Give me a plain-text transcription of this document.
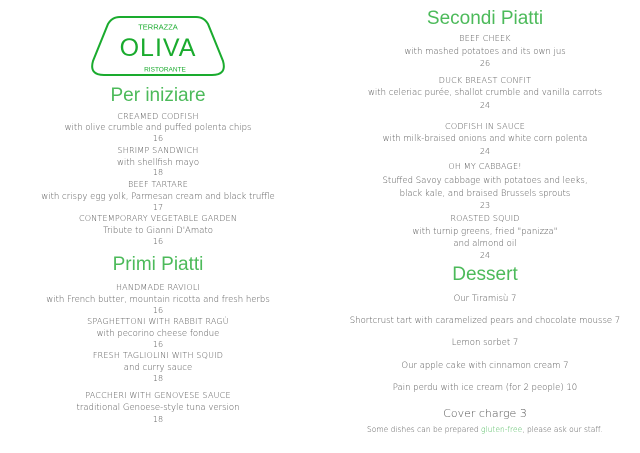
TERRAZZA
OLIVA
RISTORANTE
Per iniziare
CREAMED CODFISH
with olive crumble and puffed polenta chips
16
SHRIMP SANDWICH
with shellfish mayo
18
BEEF TARTARE
with crispy egg yolk, Parmesan cream and black truffle
17
CONTEMPORARY VEGETABLE GARDEN
Tribute to Gianni D'Amato
16
Primi Piatti
HANDMADE RAVIOLI
with French butter, mountain ricotta and fresh herbs
16
SPAGHETTONI WITH RABBIT RAGÙ
with pecorino cheese fondue
16
FRESH TAGLIOLINI WITH SQUID
and curry sauce
18
PACCHERI WITH GENOVESE SAUCE
traditional Genoese-style tuna version
18
Secondi Piatti
BEEF CHEEK
with mashed potatoes and its own jus
26
DUCK BREAST CONFIT
with celeriac purée, shallot crumble and vanilla carrots
24
CODFISH IN SAUCE
with milk-braised onions and white corn polenta
24
OH MY CABBAGE!
Stuffed Savoy cabbage with potatoes and leeks,
black kale, and braised Brussels sprouts
23
ROASTED SQUID
with turnip greens, fried "panizza"
and almond oil
24
Dessert
Our Tiramisù 7
Shortcrust tart with caramelized pears and chocolate mousse 7
Lemon sorbet 7
Our apple cake with cinnamon cream 7
Pain perdu with ice cream (for 2 people) 10
Cover charge 3
Some dishes can be prepared gluten-free, please ask our staff.
